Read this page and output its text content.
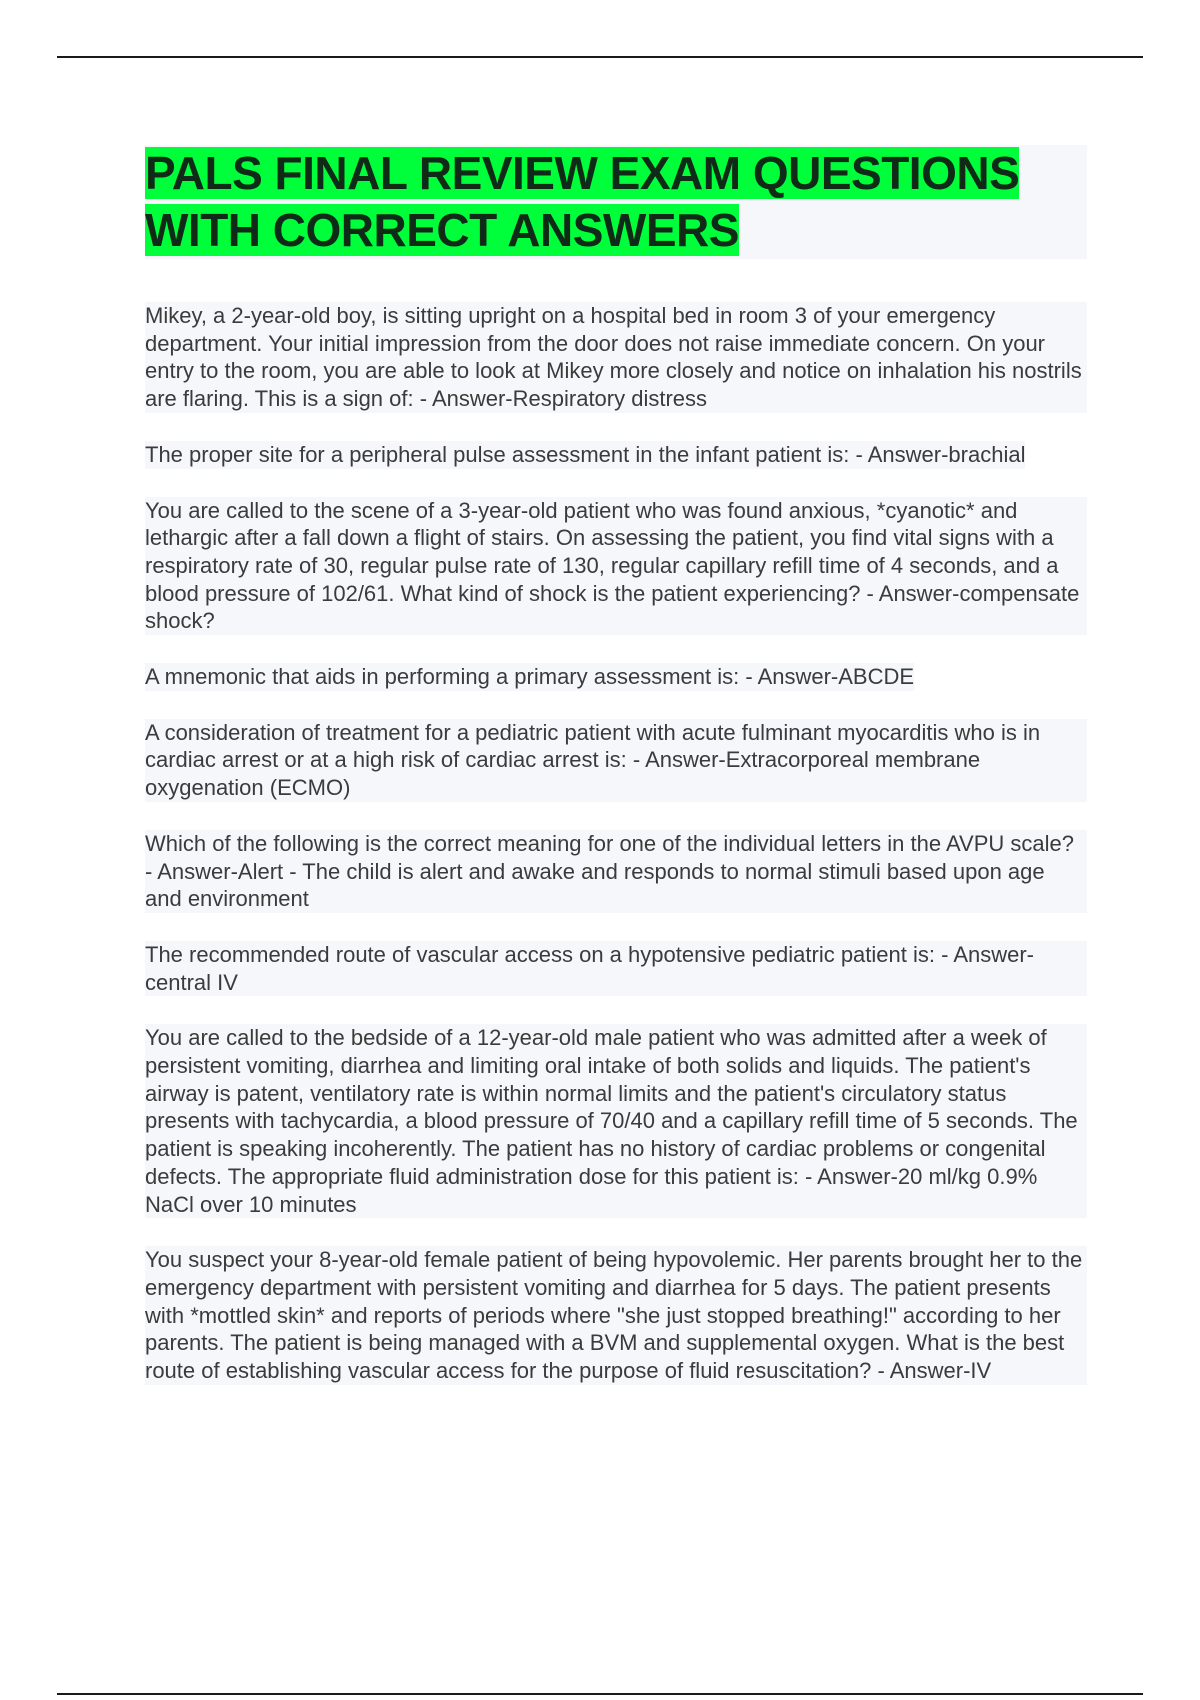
PALS FINAL REVIEW EXAM QUESTIONS WITH CORRECT ANSWERS

Mikey, a 2-year-old boy, is sitting upright on a hospital bed in room 3 of your emergency department. Your initial impression from the door does not raise immediate concern. On your entry to the room, you are able to look at Mikey more closely and notice on inhalation his nostrils are flaring. This is a sign of: - Answer-Respiratory distress

The proper site for a peripheral pulse assessment in the infant patient is: - Answer-brachial

You are called to the scene of a 3-year-old patient who was found anxious, *cyanotic* and lethargic after a fall down a flight of stairs. On assessing the patient, you find vital signs with a respiratory rate of 30, regular pulse rate of 130, regular capillary refill time of 4 seconds, and a blood pressure of 102/61. What kind of shock is the patient experiencing? - Answer-compensate shock?

A mnemonic that aids in performing a primary assessment is: - Answer-ABCDE

A consideration of treatment for a pediatric patient with acute fulminant myocarditis who is in cardiac arrest or at a high risk of cardiac arrest is: - Answer-Extracorporeal membrane oxygenation (ECMO)

Which of the following is the correct meaning for one of the individual letters in the AVPU scale? - Answer-Alert - The child is alert and awake and responds to normal stimuli based upon age and environment

The recommended route of vascular access on a hypotensive pediatric patient is: - Answer-central IV

You are called to the bedside of a 12-year-old male patient who was admitted after a week of persistent vomiting, diarrhea and limiting oral intake of both solids and liquids. The patient's airway is patent, ventilatory rate is within normal limits and the patient's circulatory status presents with tachycardia, a blood pressure of 70/40 and a capillary refill time of 5 seconds. The patient is speaking incoherently. The patient has no history of cardiac problems or congenital defects. The appropriate fluid administration dose for this patient is: - Answer-20 ml/kg 0.9% NaCl over 10 minutes

You suspect your 8-year-old female patient of being hypovolemic. Her parents brought her to the emergency department with persistent vomiting and diarrhea for 5 days. The patient presents with *mottled skin* and reports of periods where "she just stopped breathing!" according to her parents. The patient is being managed with a BVM and supplemental oxygen. What is the best route of establishing vascular access for the purpose of fluid resuscitation? - Answer-IV
